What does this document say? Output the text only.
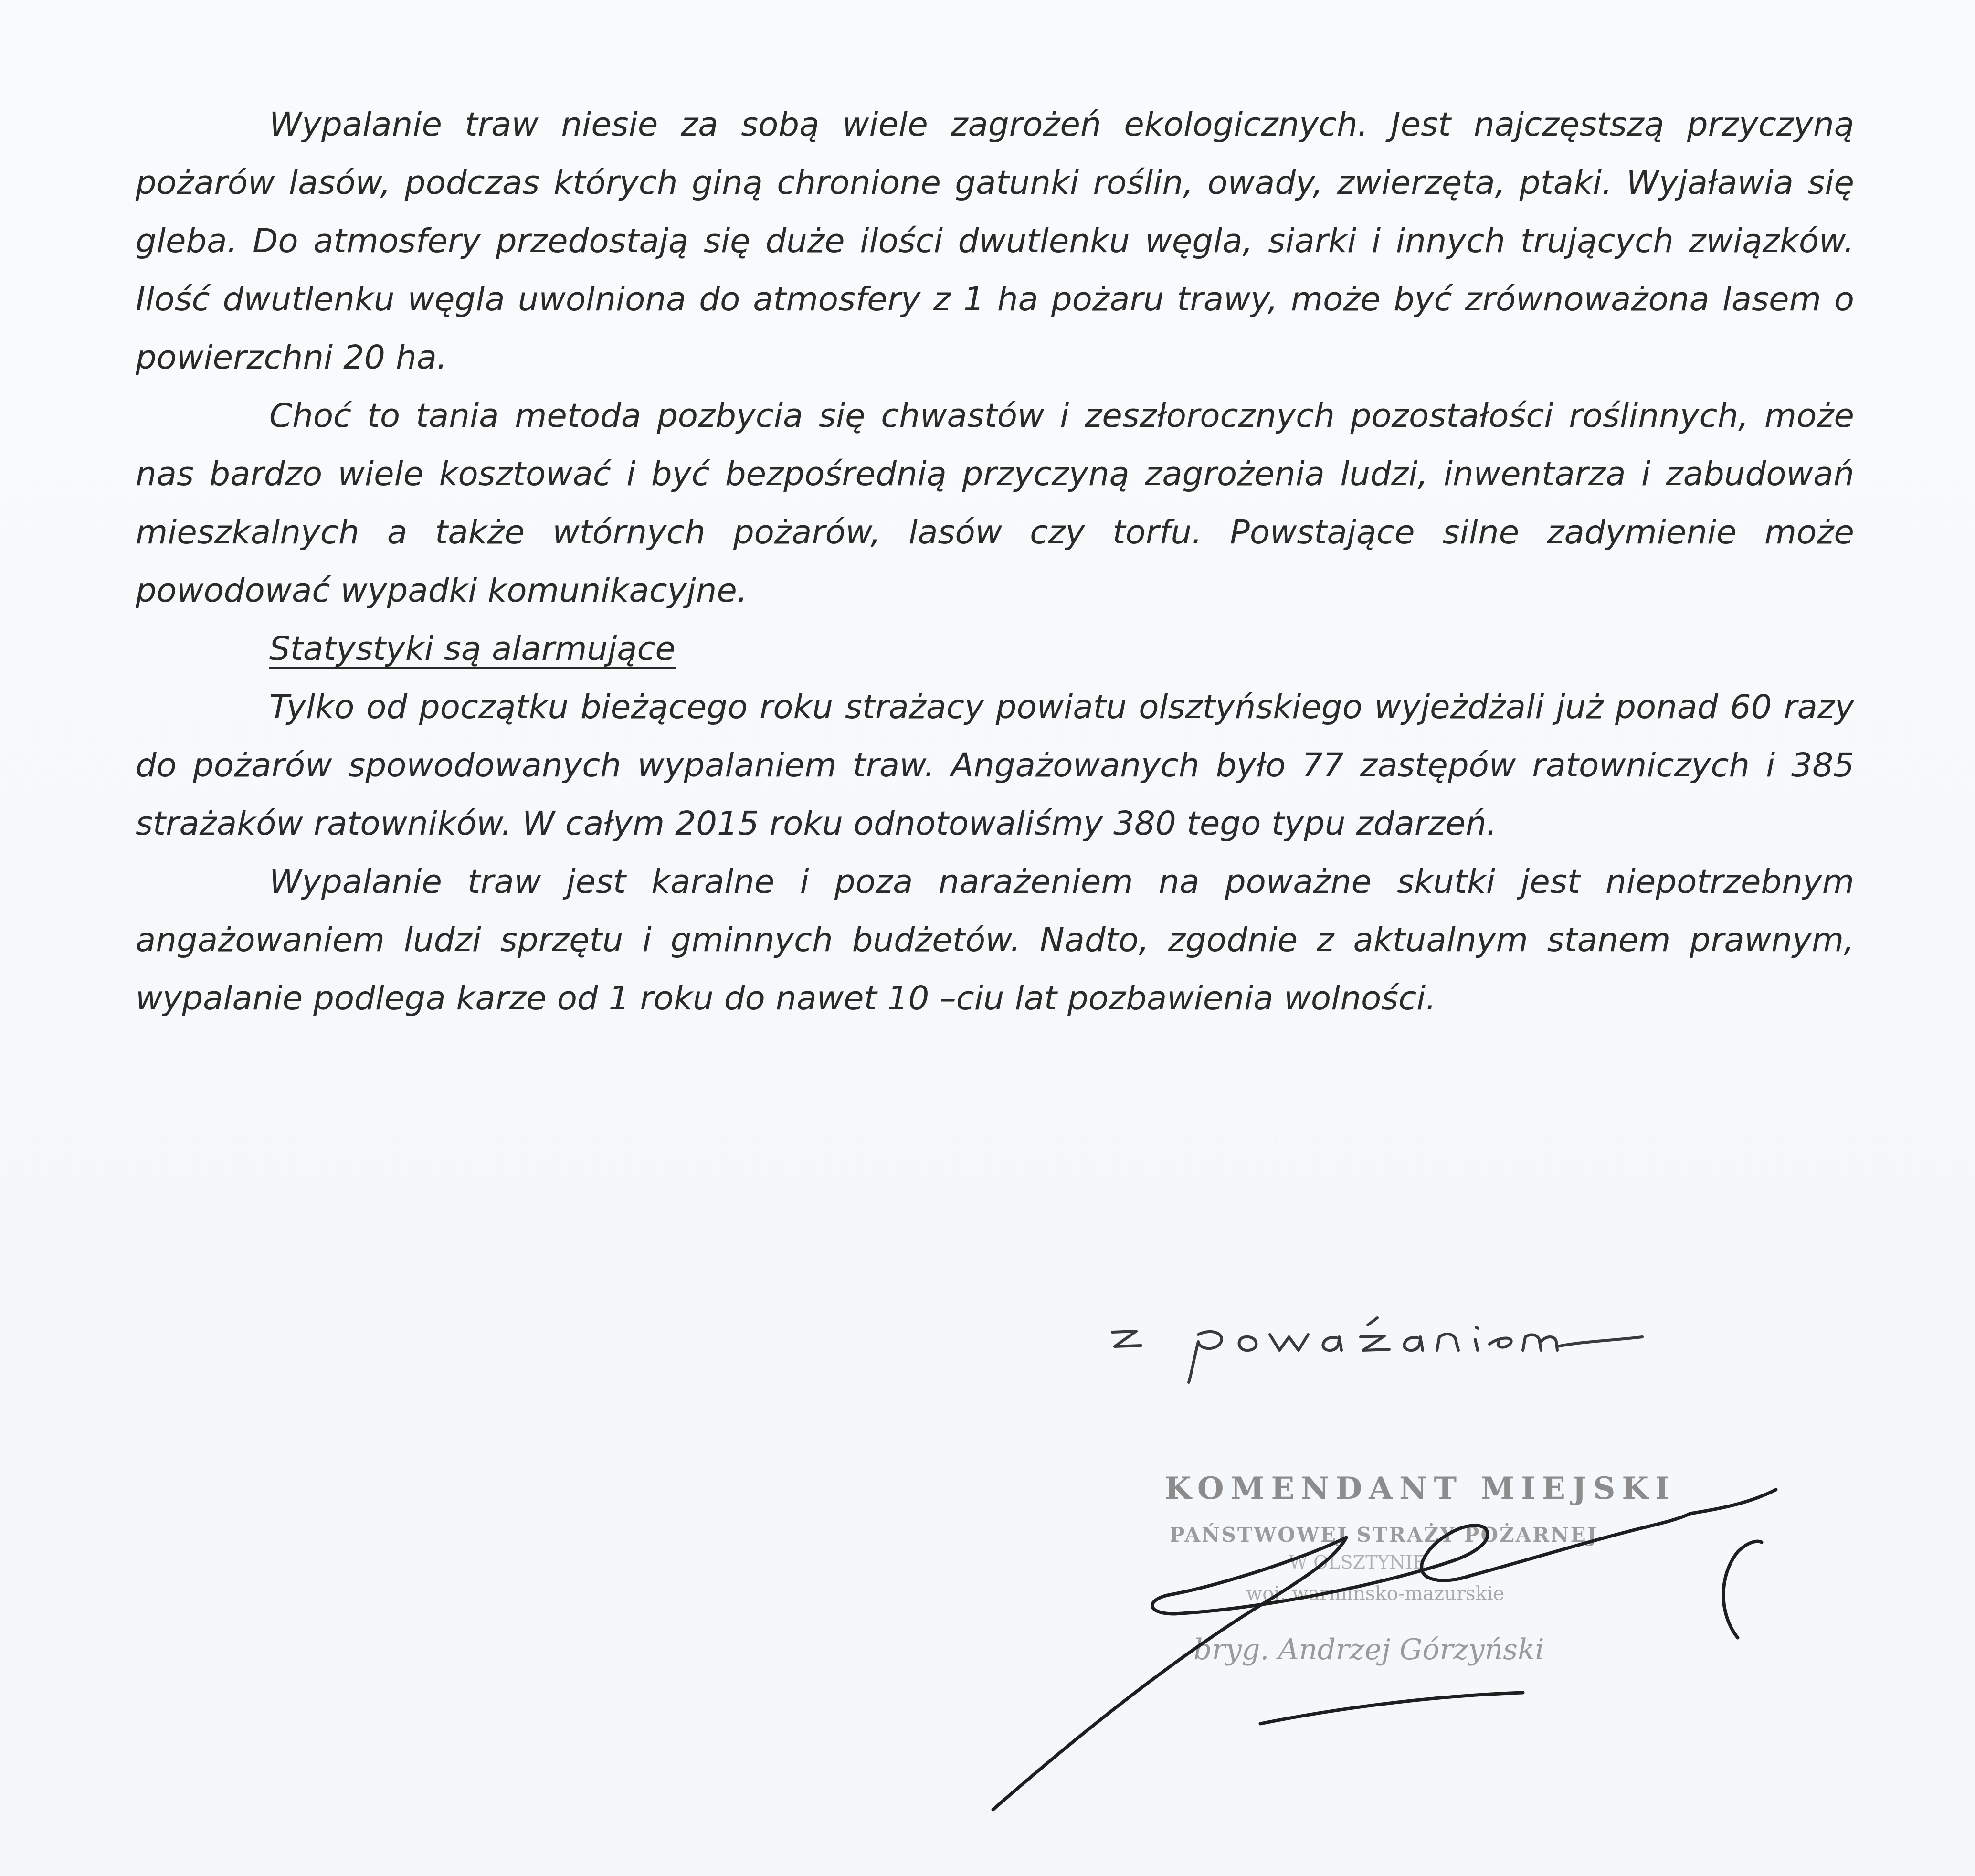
Wypalanie traw niesie za sobą wiele zagrożeń ekologicznych. Jest najczęstszą przyczyną pożarów lasów, podczas których giną chronione gatunki roślin, owady, zwierzęta, ptaki. Wyjaławia się gleba. Do atmosfery przedostają się duże ilości dwutlenku węgla, siarki i innych trujących związków. Ilość dwutlenku węgla uwolniona do atmosfery z 1 ha pożaru trawy, może być zrównoważona lasem o powierzchni 20 ha.

Choć to tania metoda pozbycia się chwastów i zeszłorocznych pozostałości roślinnych, może nas bardzo wiele kosztować i być bezpośrednią przyczyną zagrożenia ludzi, inwentarza i zabudowań mieszkalnych a także wtórnych pożarów, lasów czy torfu. Powstające silne zadymienie może powodować wypadki komunikacyjne.

Statystyki są alarmujące

Tylko od początku bieżącego roku strażacy powiatu olsztyńskiego wyjeżdżali już ponad 60 razy do pożarów spowodowanych wypalaniem traw. Angażowanych było 77 zastępów ratowniczych i 385 strażaków ratowników. W całym 2015 roku odnotowaliśmy 380 tego typu zdarzeń.

Wypalanie traw jest karalne i poza narażeniem na poważne skutki jest niepotrzebnym angażowaniem ludzi sprzętu i gminnych budżetów. Nadto, zgodnie z aktualnym stanem prawnym, wypalanie podlega karze od 1 roku do nawet 10 –ciu lat pozbawienia wolności.

KOMENDANT MIEJSKI
PAŃSTWOWEJ STRAŻY POŻARNEJ
W OLSZTYNIE
woj. warmińsko-mazurskie
bryg. Andrzej Górzyński
